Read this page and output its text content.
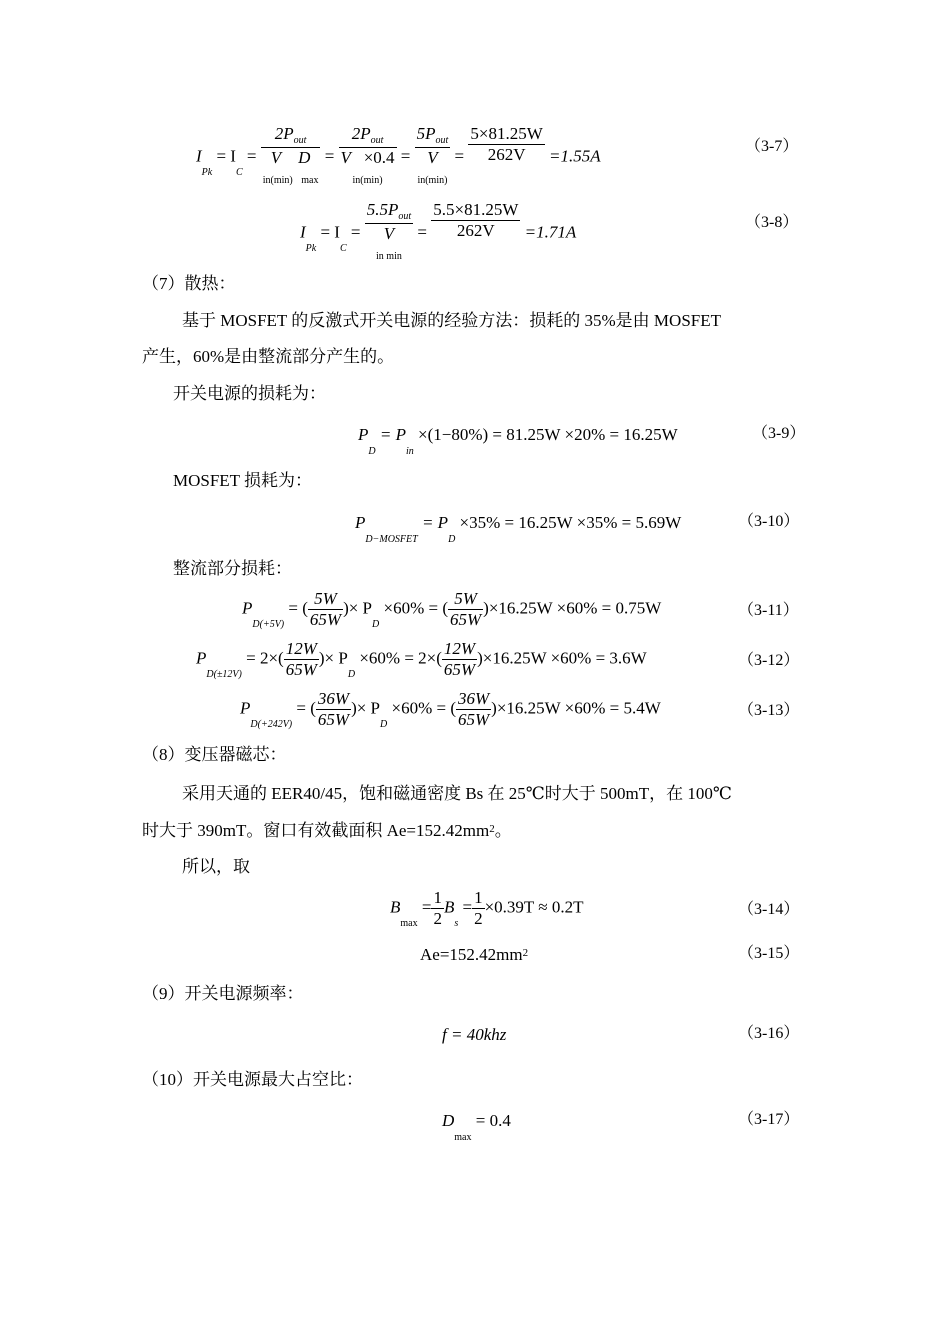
$I_{Pk} = I_C$ =
$2P_{out}$
V D
in(min) max
=
$2P_{out}$
V ×0.4
in(min)
=
$5P_{out}$
V
in(min)
= $\frac{5\times 81.25W}{262V} =1.55A$	（3-7）
$I_{Pk} = I_C$ =
$5.5P_{out}$
V
in min
= $\frac{5.5\times 81.25W}{262V} =1.71A$	（3-8）
（7）散热：
基于 MOSFET 的反激式开关电源的经验方法：损耗的 35%是由 MOSFET
产生，60%是由整流部分产生的。
开关电源的损耗为：
$P_D = P_{in} \times(1-80\%) = 81.25W \times 20\% = 16.25W$	（3-9）
MOSFET 损耗为：
$P_{D-MOSFET} = P_D \times 35\% = 16.25W \times 35\% = 5.69W$	（3-10）
整流部分损耗：
$P_{D(+5V)}$ = ( $\frac{5W}{65W}$ )× $P_D \times 60\%$ = ( $\frac{5W}{65W} )\times 16.25W \times 60\% = 0.75W$	（3-11）
$P_{D(\pm 12V)} = 2\times( \frac{12W}{65W}$ )× $P_D \times 60\% = 2\times( \frac{12W}{65W} )\times 16.25W \times 60\% = 3.6W$	（3-12）
$P_{D(+242V)}$ = ( $\frac{36W}{65W}$ )× $P_D \times 60\%$ = ( $\frac{36W}{65W} )\times 16.25W \times 60\% = 5.4W$	（3-13）
（8）变压器磁芯：
采用天通的 EER40/45，饱和磁通密度 Bs 在 25℃时大于 500mT，在 100℃
时大于 390mT。窗口有效截面积 $Ae=152.42mm^2$。
所以，取
$B_{max} = \frac{1}{2} B_s = \frac{1}{2} \times 0.39T \approx 0.2T$	（3-14）
$Ae=152.42mm^2$	（3-15）
（9）开关电源频率：
f = 40khz	（3-16）
（10）开关电源最大占空比：
$D_{max} = 0.4$	（3-17）
